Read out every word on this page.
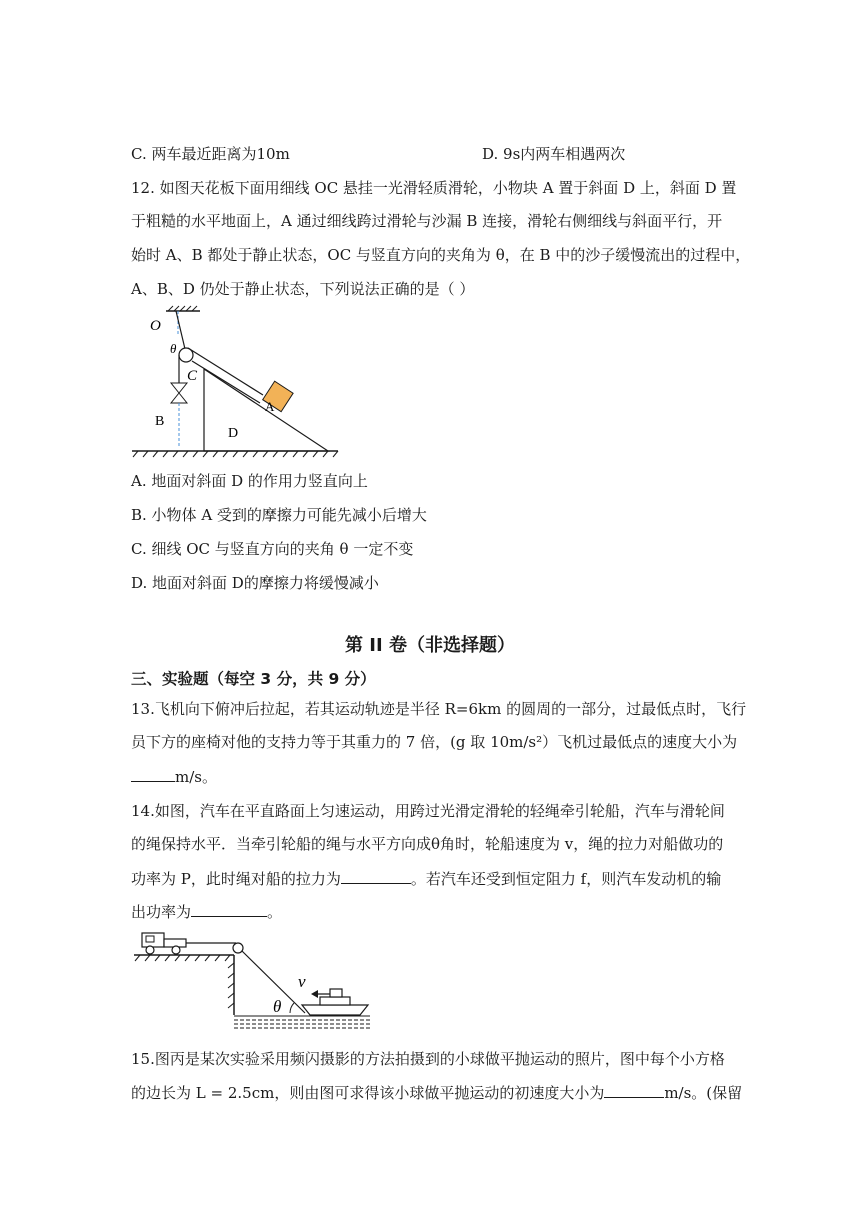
C. 两车最近距离为10m	D. 9s内两车相遇两次
12. 如图天花板下面用细线 OC 悬挂一光滑轻质滑轮，小物块 A 置于斜面 D 上，斜面 D 置
于粗糙的水平地面上，A 通过细线跨过滑轮与沙漏 B 连接，滑轮右侧细线与斜面平行，开
始时 A、B 都处于静止状态，OC 与竖直方向的夹角为 θ，在 B 中的沙子缓慢流出的过程中，
A、B、D 仍处于静止状态，下列说法正确的是（ ）
O
θ
C
B
A
D
A. 地面对斜面 D 的作用力竖直向上
B. 小物体 A 受到的摩擦力可能先减小后增大
C. 细线 OC 与竖直方向的夹角 θ 一定不变
D. 地面对斜面 D的摩擦力将缓慢减小
第 II 卷（非选择题）
三、实验题（每空 3 分，共 9 分）
13.飞机向下俯冲后拉起，若其运动轨迹是半径 R=6km 的圆周的一部分，过最低点时，飞行
员下方的座椅对他的支持力等于其重力的 7 倍，(g 取 10m/s²）飞机过最低点的速度大小为
m/s。
14.如图，汽车在平直路面上匀速运动，用跨过光滑定滑轮的轻绳牵引轮船，汽车与滑轮间
的绳保持水平．当牵引轮船的绳与水平方向成θ角时，轮船速度为 v，绳的拉力对船做功的
功率为 P，此时绳对船的拉力为	。若汽车还受到恒定阻力 f，则汽车发动机的输
出功率为	。
θ
v
15.图丙是某次实验采用频闪摄影的方法拍摄到的小球做平抛运动的照片，图中每个小方格
的边长为 L = 2.5cm，则由图可求得该小球做平抛运动的初速度大小为	m/s。(保留
